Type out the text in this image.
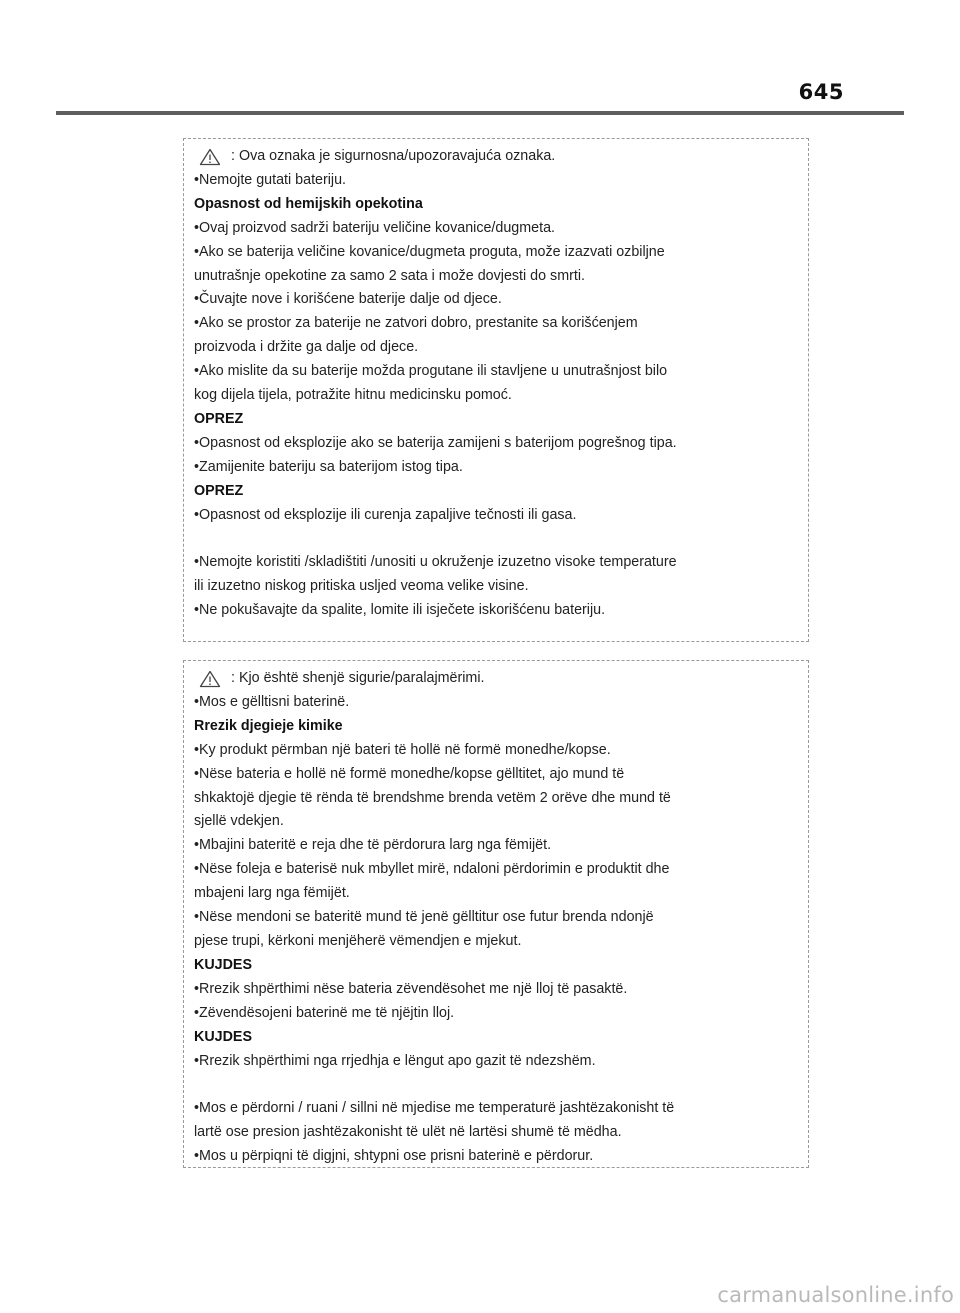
645
: Ova oznaka je sigurnosna/upozoravajuća oznaka.
•Nemojte gutati bateriju.
Opasnost od hemijskih opekotina
•Ovaj proizvod sadrži bateriju veličine kovanice/dugmeta.
•Ako se baterija veličine kovanice/dugmeta proguta, može izazvati ozbiljne
unutrašnje opekotine za samo 2 sata i može dovjesti do smrti.
•Čuvajte nove i korišćene baterije dalje od djece.
•Ako se prostor za baterije ne zatvori dobro, prestanite sa korišćenjem
proizvoda i držite ga dalje od djece.
•Ako mislite da su baterije možda progutane ili stavljene u unutrašnjost bilo
kog dijela tijela, potražite hitnu medicinsku pomoć.
OPREZ
•Opasnost od eksplozije ako se baterija zamijeni s baterijom pogrešnog tipa.
•Zamijenite bateriju sa baterijom istog tipa.
OPREZ
•Opasnost od eksplozije ili curenja zapaljive tečnosti ili gasa.
•Nemojte koristiti /skladištiti /unositi u okruženje izuzetno visoke temperature
ili izuzetno niskog pritiska usljed veoma velike visine.
•Ne pokušavajte da spalite, lomite ili isječete iskorišćenu bateriju.
: Kjo është shenjë sigurie/paralajmërimi.
•Mos e gëlltisni baterinë.
Rrezik djegieje kimike
•Ky produkt përmban një bateri të hollë në formë monedhe/kopse.
•Nëse bateria e hollë në formë monedhe/kopse gëlltitet, ajo mund të
shkaktojë djegie të rënda të brendshme brenda vetëm 2 orëve dhe mund të
sjellë vdekjen.
•Mbajini bateritë e reja dhe të përdorura larg nga fëmijët.
•Nëse foleja e baterisë nuk mbyllet mirë, ndaloni përdorimin e produktit dhe
mbajeni larg nga fëmijët.
•Nëse mendoni se bateritë mund të jenë gëlltitur ose futur brenda ndonjë
pjese trupi, kërkoni menjëherë vëmendjen e mjekut.
KUJDES
•Rrezik shpërthimi nëse bateria zëvendësohet me një lloj të pasaktë.
•Zëvendësojeni baterinë me të njëjtin lloj.
KUJDES
•Rrezik shpërthimi nga rrjedhja e lëngut apo gazit të ndezshëm.
•Mos e përdorni / ruani / sillni në mjedise me temperaturë jashtëzakonisht të
lartë ose presion jashtëzakonisht të ulët në lartësi shumë të mëdha.
•Mos u përpiqni të digjni, shtypni ose prisni baterinë e përdorur.
carmanualsonline.info
